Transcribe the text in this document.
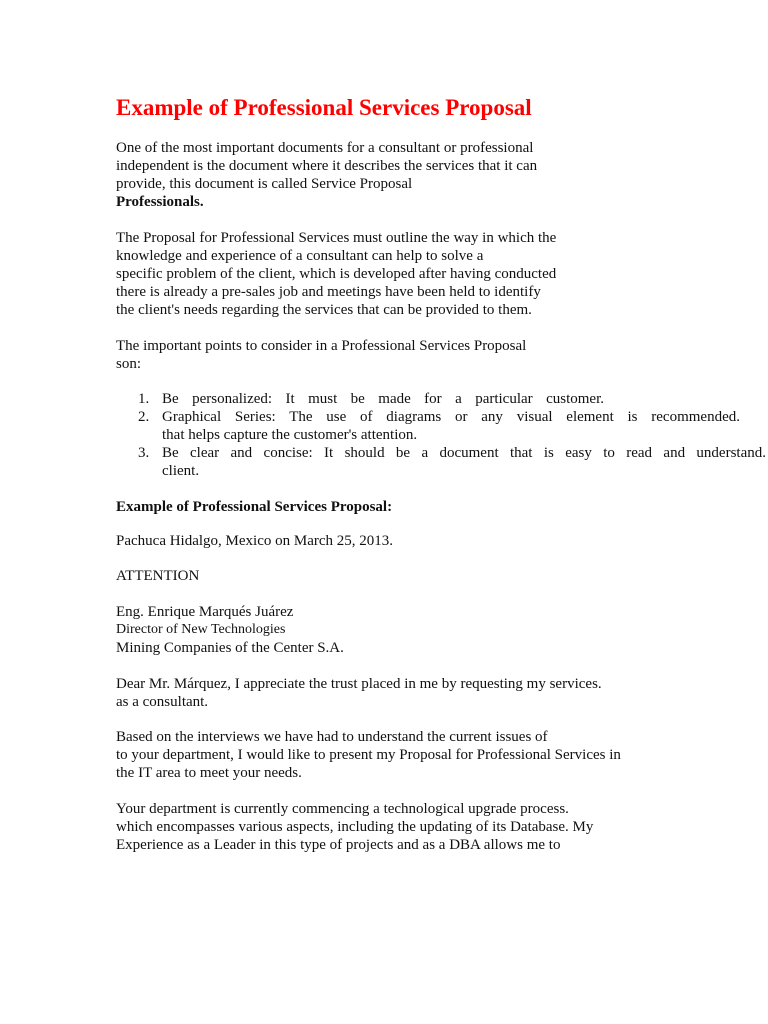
Example of Professional Services Proposal
One of the most important documents for a consultant or professional
independent is the document where it describes the services that it can
provide, this document is called Service Proposal
Professionals.
The Proposal for Professional Services must outline the way in which the
knowledge and experience of a consultant can help to solve a
specific problem of the client, which is developed after having conducted
there is already a pre-sales job and meetings have been held to identify
the client's needs regarding the services that can be provided to them.
The important points to consider in a Professional Services Proposal
son:
1. Be personalized: It must be made for a particular customer.
2. Graphical Series: The use of diagrams or any visual element is recommended.
that helps capture the customer's attention.
3. Be clear and concise: It should be a document that is easy to read and understand.
client.
Example of Professional Services Proposal:
Pachuca Hidalgo, Mexico on March 25, 2013.
ATTENTION
Eng. Enrique Marqués Juárez
Director of New Technologies
Mining Companies of the Center S.A.
Dear Mr. Márquez, I appreciate the trust placed in me by requesting my services.
as a consultant.
Based on the interviews we have had to understand the current issues of
to your department, I would like to present my Proposal for Professional Services in
the IT area to meet your needs.
Your department is currently commencing a technological upgrade process.
which encompasses various aspects, including the updating of its Database. My
Experience as a Leader in this type of projects and as a DBA allows me to
